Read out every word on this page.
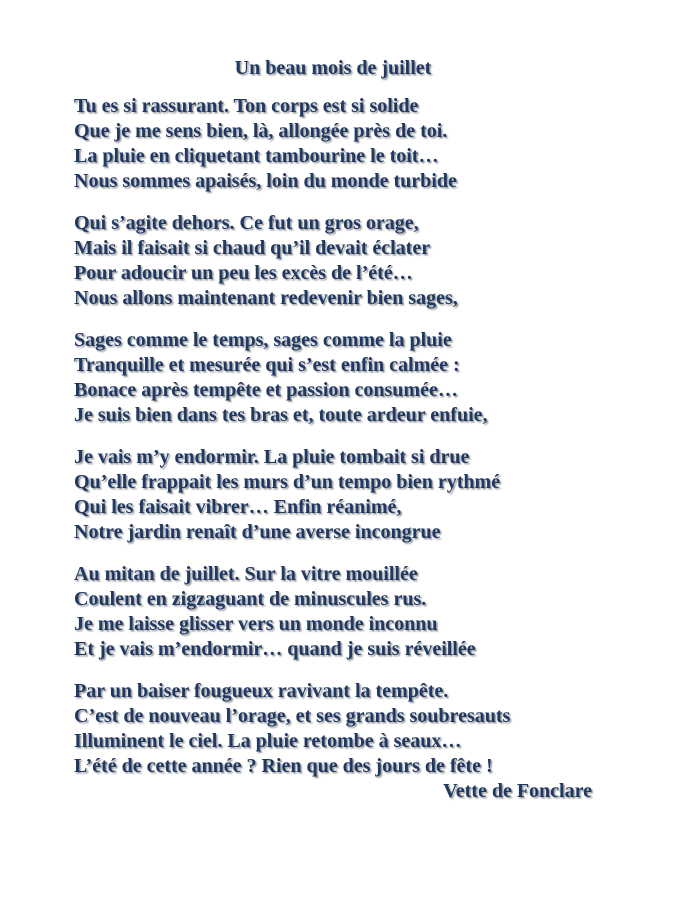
Un beau mois de juillet
Tu es si rassurant. Ton corps est si solide
Que je me sens bien, là, allongée près de toi.
La pluie en cliquetant tambourine le toit…
Nous sommes apaisés, loin du monde turbide
Qui s’agite dehors. Ce fut un gros orage,
Mais il faisait si chaud qu’il devait éclater
Pour adoucir un peu les excès de l’été…
Nous allons maintenant redevenir bien sages,
Sages comme le temps, sages comme la pluie
Tranquille et mesurée qui s’est enfin calmée :
Bonace après tempête et passion consumée…
Je suis bien dans tes bras et, toute ardeur enfuie,
Je vais m’y endormir. La pluie tombait si drue
Qu’elle frappait les murs d’un tempo bien rythmé
Qui les faisait vibrer… Enfin réanimé,
Notre jardin renaît d’une averse incongrue
Au mitan de juillet. Sur la vitre mouillée
Coulent en zigzaguant de minuscules rus.
Je me laisse glisser vers un monde inconnu
Et je vais m’endormir… quand je suis réveillée
Par un baiser fougueux ravivant la tempête.
C’est de nouveau l’orage, et ses grands soubresauts
Illuminent le ciel. La pluie retombe à seaux…
L’été de cette année ? Rien que des jours de fête !
Vette de Fonclare
